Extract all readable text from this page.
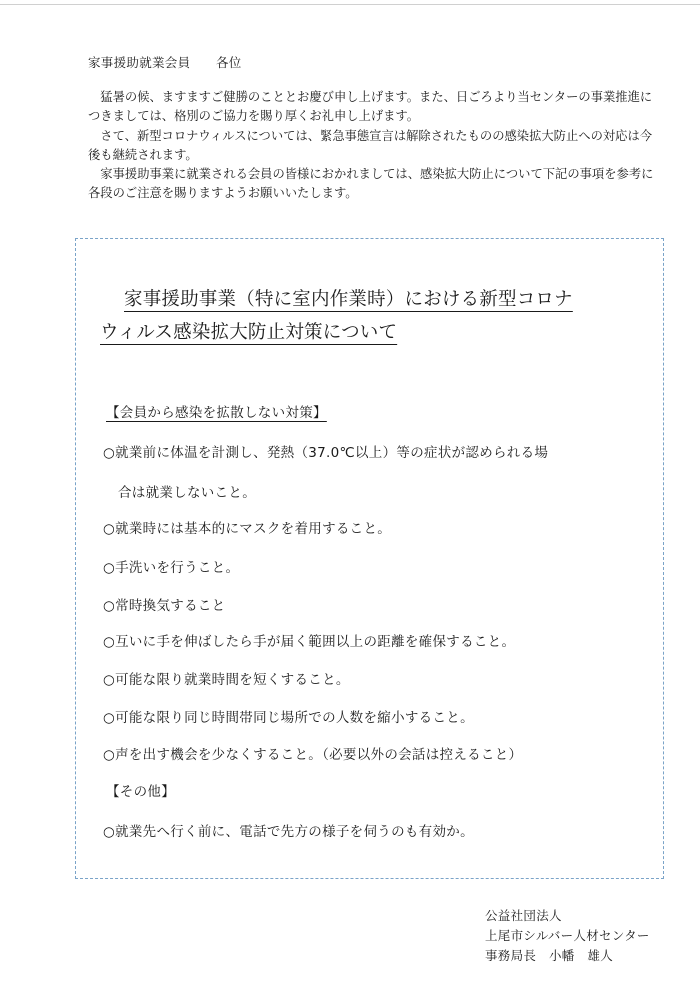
家事援助就業会員　　各位

猛暑の候、ますますご健勝のこととお慶び申し上げます。また、日ごろより当センターの事業推進につきましては、格別のご協力を賜り厚くお礼申し上げます。

さて、新型コロナウィルスについては、緊急事態宣言は解除されたものの感染拡大防止への対応は今後も継続されます。

家事援助事業に就業される会員の皆様におかれましては、感染拡大防止について下記の事項を参考に各段のご注意を賜りますようお願いいたします。

家事援助事業（特に室内作業時）における新型コロナ
ウィルス感染拡大防止対策について
【会員から感染を拡散しない対策】
○就業前に体温を計測し、発熱（37.0℃以上）等の症状が認められる場
合は就業しないこと。
○就業時には基本的にマスクを着用すること。
○手洗いを行うこと。
○常時換気すること
○互いに手を伸ばしたら手が届く範囲以上の距離を確保すること。
○可能な限り就業時間を短くすること。
○可能な限り同じ時間帯同じ場所での人数を縮小すること。
○声を出す機会を少なくすること。（必要以外の会話は控えること）
【その他】
○就業先へ行く前に、電話で先方の様子を伺うのも有効か。
公益社団法人
上尾市シルバー人材センター
事務局長　小幡　雄人
